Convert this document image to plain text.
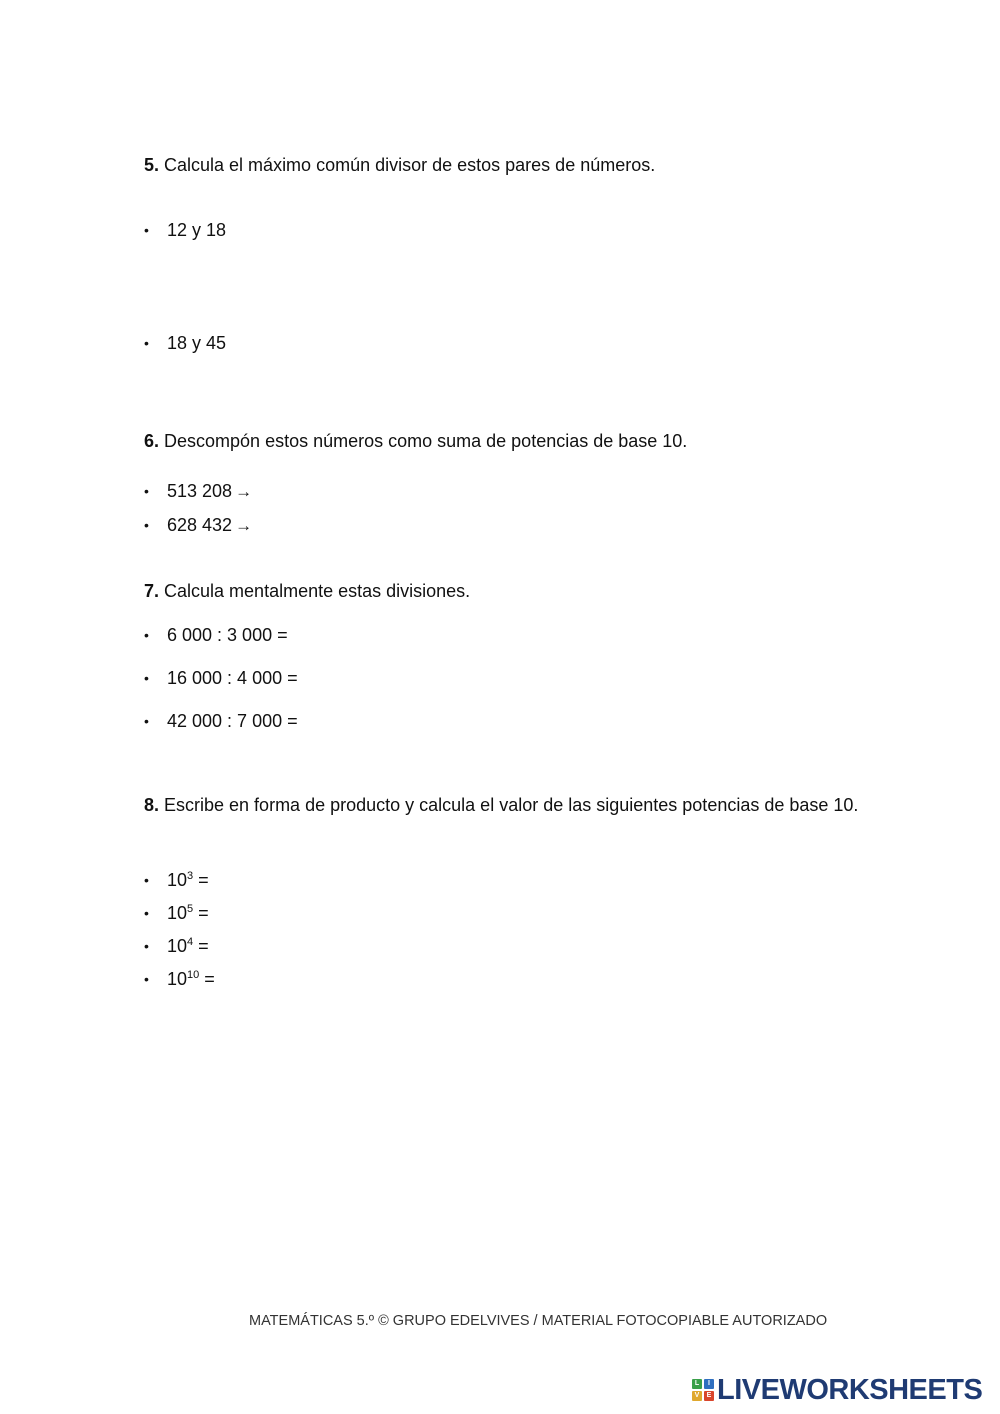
5. Calcula el máximo común divisor de estos pares de números.
• 12 y 18
• 18 y 45
6. Descompón estos números como suma de potencias de base 10.
• 513 208 →
• 628 432 →
7. Calcula mentalmente estas divisiones.
• 6 000 : 3 000 =
• 16 000 : 4 000 =
• 42 000 : 7 000 =
8. Escribe en forma de producto y calcula el valor de las siguientes potencias de base 10.
• $10^3$ =
• $10^5$ =
• $10^4$ =
• $10^{10}$ =
MATEMÁTICAS 5.º © GRUPO EDELVIVES / MATERIAL FOTOCOPIABLE AUTORIZADO
L	I
V	E LIVEWORKSHEETS
